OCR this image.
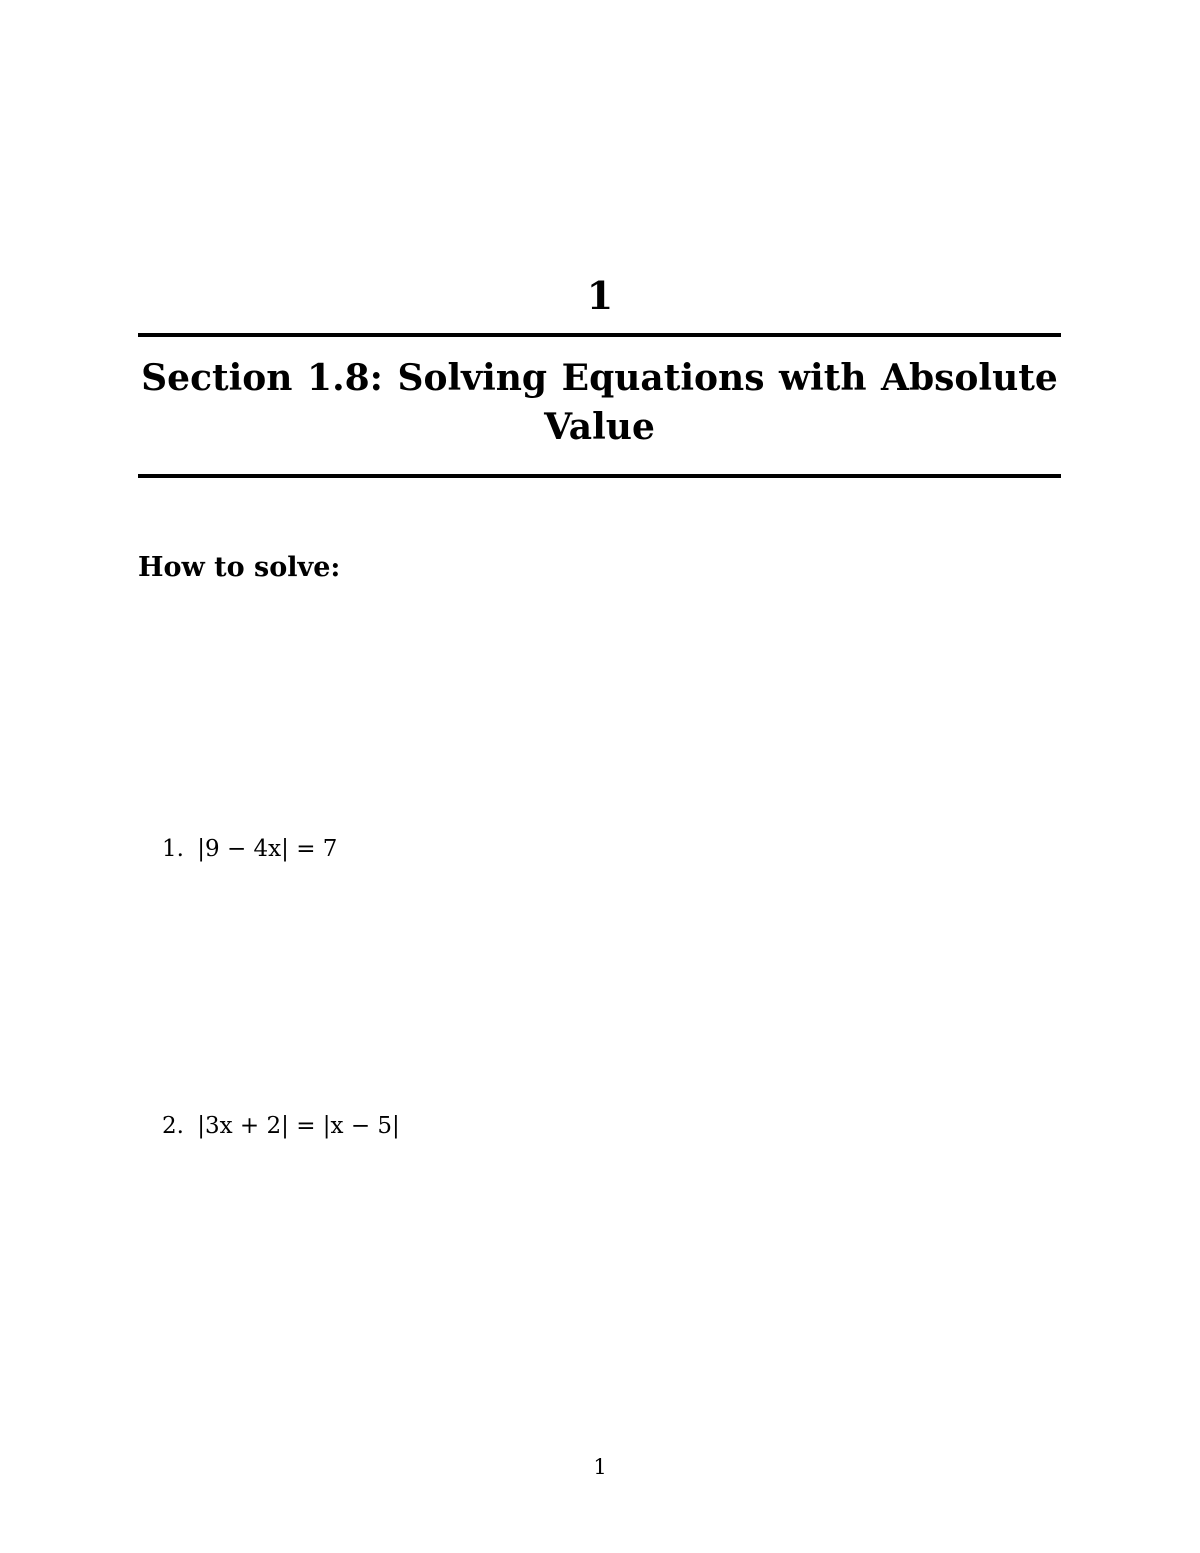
1
Section 1.8: Solving Equations with Absolute Value
How to solve:
1. |9 − 4x| = 7
2. |3x + 2| = |x − 5|
1
